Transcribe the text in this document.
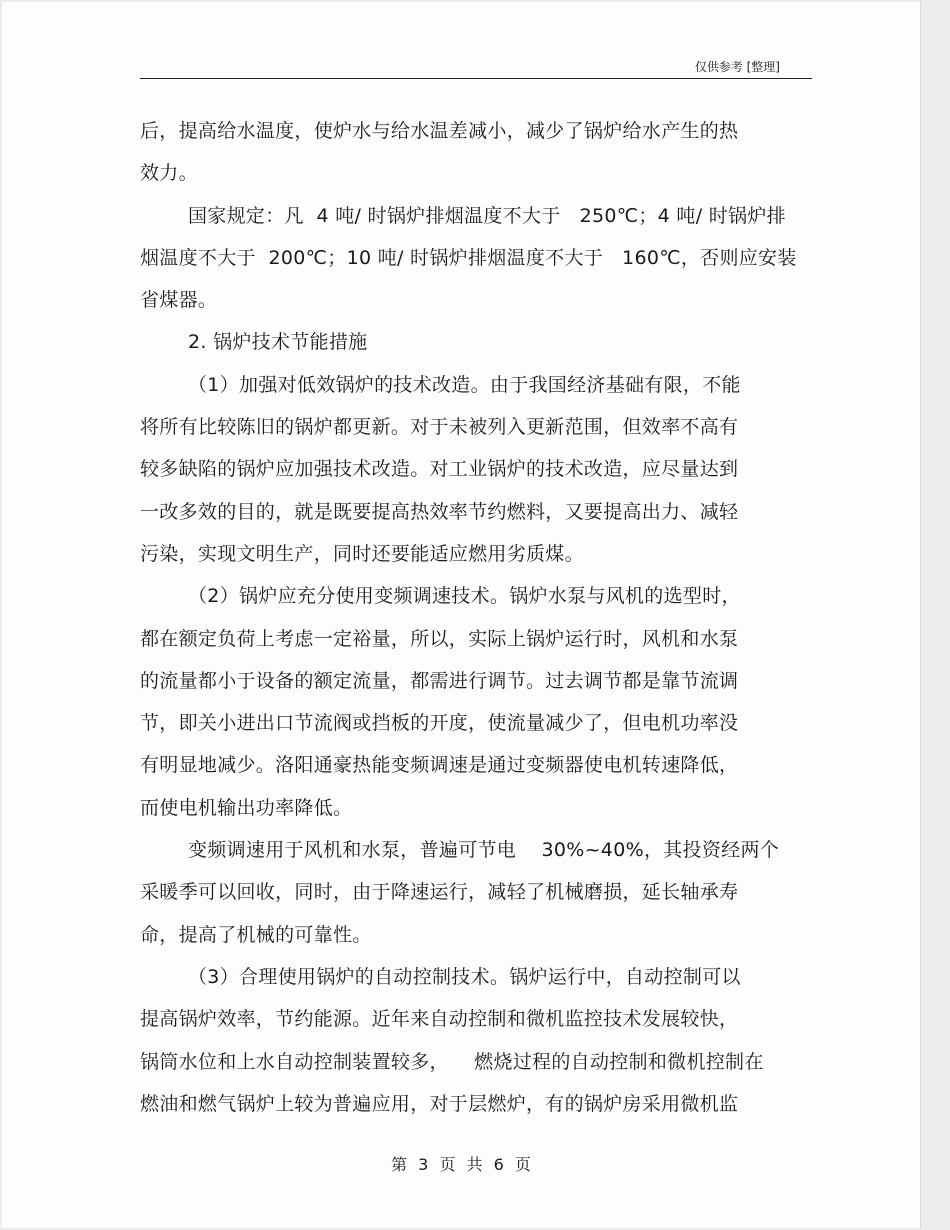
仅供参考 [整理]

后，提高给水温度，使炉水与给水温差减小，减少了锅炉给水产生的热

效力。

国家规定：凡  4 吨/ 时锅炉排烟温度不大于   250℃；4 吨/ 时锅炉排

烟温度不大于  200℃；10 吨/ 时锅炉排烟温度不大于   160℃，否则应安装

省煤器。

2. 锅炉技术节能措施

（1）加强对低效锅炉的技术改造。由于我国经济基础有限，不能

将所有比较陈旧的锅炉都更新。对于未被列入更新范围，但效率不高有

较多缺陷的锅炉应加强技术改造。对工业锅炉的技术改造，应尽量达到

一改多效的目的，就是既要提高热效率节约燃料，又要提高出力、减轻

污染，实现文明生产，同时还要能适应燃用劣质煤。

（2）锅炉应充分使用变频调速技术。锅炉水泵与风机的选型时，

都在额定负荷上考虑一定裕量，所以，实际上锅炉运行时，风机和水泵

的流量都小于设备的额定流量，都需进行调节。过去调节都是靠节流调

节，即关小进出口节流阀或挡板的开度，使流量减少了，但电机功率没

有明显地减少。洛阳通豪热能变频调速是通过变频器使电机转速降低，

而使电机输出功率降低。

变频调速用于风机和水泵，普遍可节电    30%~40%，其投资经两个

采暖季可以回收，同时，由于降速运行，减轻了机械磨损，延长轴承寿

命，提高了机械的可靠性。

（3）合理使用锅炉的自动控制技术。锅炉运行中，自动控制可以

提高锅炉效率，节约能源。近年来自动控制和微机监控技术发展较快，

锅筒水位和上水自动控制装置较多，    燃烧过程的自动控制和微机控制在

燃油和燃气锅炉上较为普遍应用，对于层燃炉，有的锅炉房采用微机监

第 3 页 共 6 页
